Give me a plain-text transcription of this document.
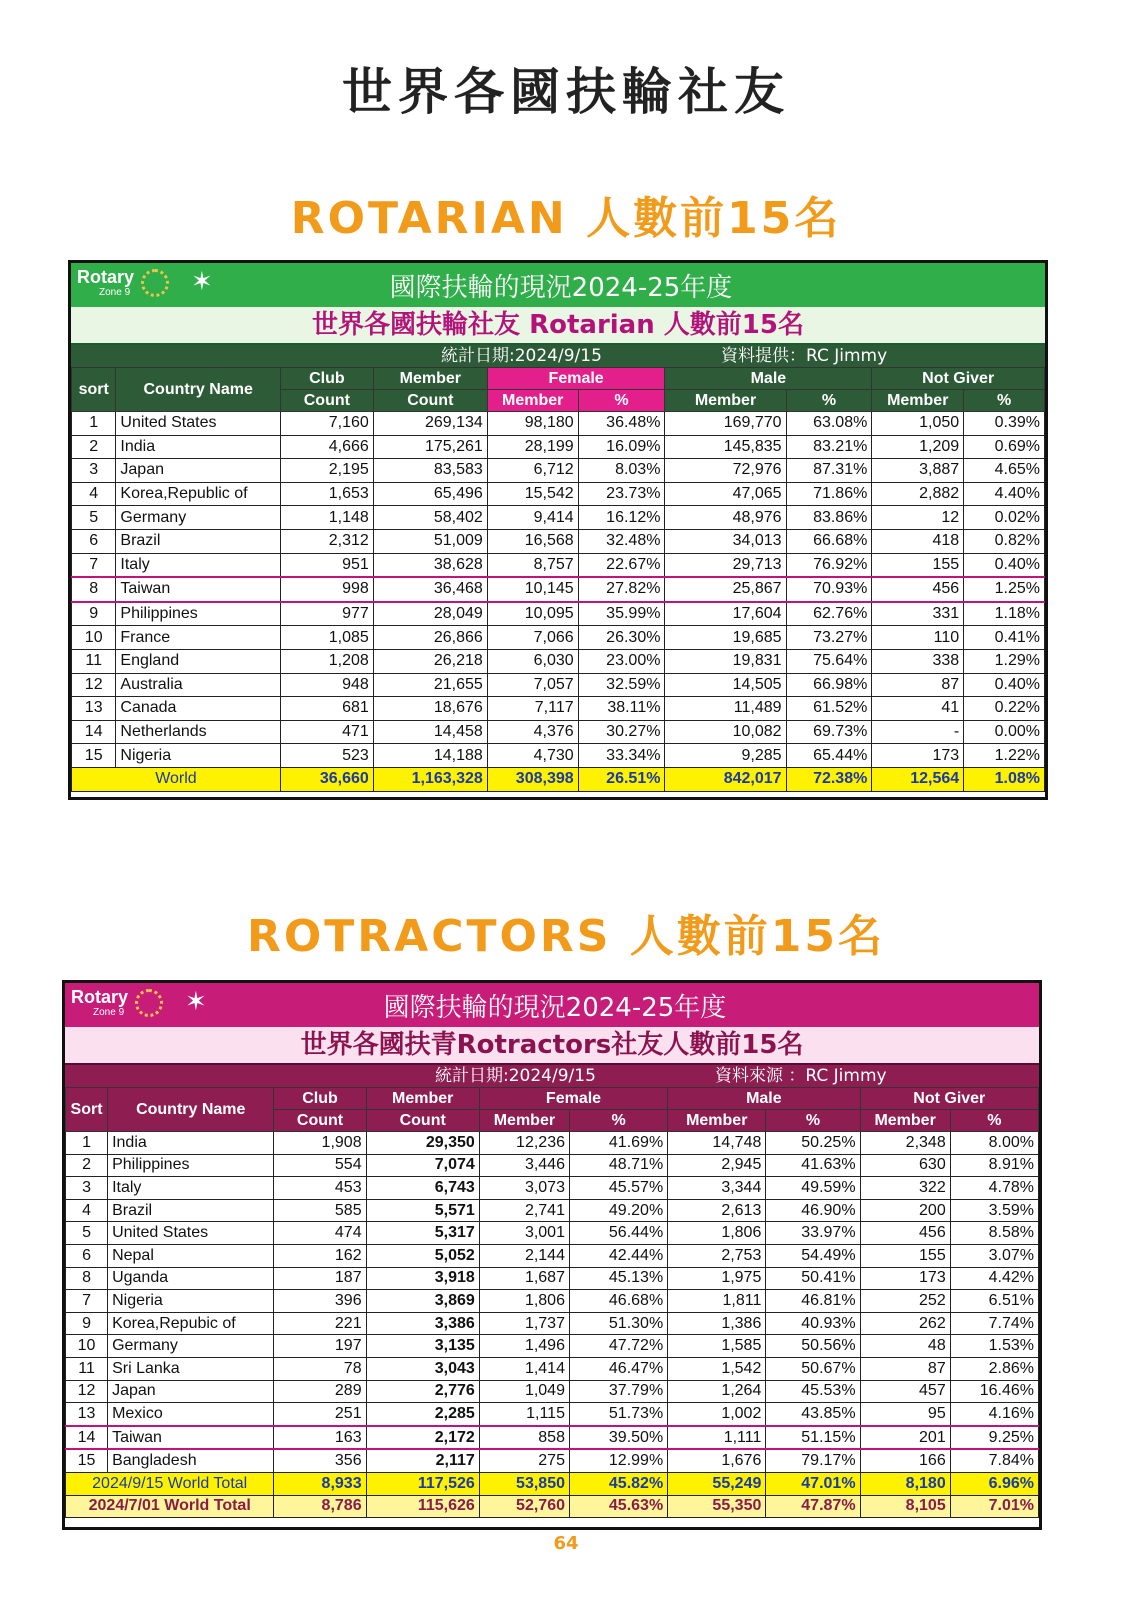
世界各國扶輪社友
ROTARIAN 人數前15名
Rotary
Zone 9	✶	國際扶輪的現況2024-25年度
世界各國扶輪社友 Rotarian 人數前15名
統計日期:2024/9/15	資料提供：RC Jimmy
sort	Country Name	Club	Member	Female		Male		Not Giver	
		Count	Count	Member	%	Member	%	Member	%
1	United States	7,160	269,134	98,180	36.48%	169,770	63.08%	1,050	0.39%
2	India	4,666	175,261	28,199	16.09%	145,835	83.21%	1,209	0.69%
3	Japan	2,195	83,583	6,712	8.03%	72,976	87.31%	3,887	4.65%
4	Korea,Republic of	1,653	65,496	15,542	23.73%	47,065	71.86%	2,882	4.40%
5	Germany	1,148	58,402	9,414	16.12%	48,976	83.86%	12	0.02%
6	Brazil	2,312	51,009	16,568	32.48%	34,013	66.68%	418	0.82%
7	Italy	951	38,628	8,757	22.67%	29,713	76.92%	155	0.40%
8	Taiwan	998	36,468	10,145	27.82%	25,867	70.93%	456	1.25%
9	Philippines	977	28,049	10,095	35.99%	17,604	62.76%	331	1.18%
10	France	1,085	26,866	7,066	26.30%	19,685	73.27%	110	0.41%
11	England	1,208	26,218	6,030	23.00%	19,831	75.64%	338	1.29%
12	Australia	948	21,655	7,057	32.59%	14,505	66.98%	87	0.40%
13	Canada	681	18,676	7,117	38.11%	11,489	61.52%	41	0.22%
14	Netherlands	471	14,458	4,376	30.27%	10,082	69.73%	-	0.00%
15	Nigeria	523	14,188	4,730	33.34%	9,285	65.44%	173	1.22%
World		36,660	1,163,328	308,398	26.51%	842,017	72.38%	12,564	1.08%
ROTRACTORS 人數前15名
Rotary
Zone 9	✶	國際扶輪的現況2024-25年度
世界各國扶青Rotractors社友人數前15名
統計日期:2024/9/15	資料來源 ：RC Jimmy
Sort	Country Name	Club	Member	Female		Male		Not Giver	
		Count	Count	Member	%	Member	%	Member	%
1	India	1,908	29,350	12,236	41.69%	14,748	50.25%	2,348	8.00%
2	Philippines	554	7,074	3,446	48.71%	2,945	41.63%	630	8.91%
3	Italy	453	6,743	3,073	45.57%	3,344	49.59%	322	4.78%
4	Brazil	585	5,571	2,741	49.20%	2,613	46.90%	200	3.59%
5	United States	474	5,317	3,001	56.44%	1,806	33.97%	456	8.58%
6	Nepal	162	5,052	2,144	42.44%	2,753	54.49%	155	3.07%
8	Uganda	187	3,918	1,687	45.13%	1,975	50.41%	173	4.42%
7	Nigeria	396	3,869	1,806	46.68%	1,811	46.81%	252	6.51%
9	Korea,Repubic of	221	3,386	1,737	51.30%	1,386	40.93%	262	7.74%
10	Germany	197	3,135	1,496	47.72%	1,585	50.56%	48	1.53%
11	Sri Lanka	78	3,043	1,414	46.47%	1,542	50.67%	87	2.86%
12	Japan	289	2,776	1,049	37.79%	1,264	45.53%	457	16.46%
13	Mexico	251	2,285	1,115	51.73%	1,002	43.85%	95	4.16%
14	Taiwan	163	2,172	858	39.50%	1,111	51.15%	201	9.25%
15	Bangladesh	356	2,117	275	12.99%	1,676	79.17%	166	7.84%
2024/9/15 World Total		8,933	117,526	53,850	45.82%	55,249	47.01%	8,180	6.96%
2024/7/01 World Total		8,786	115,626	52,760	45.63%	55,350	47.87%	8,105	7.01%
64
